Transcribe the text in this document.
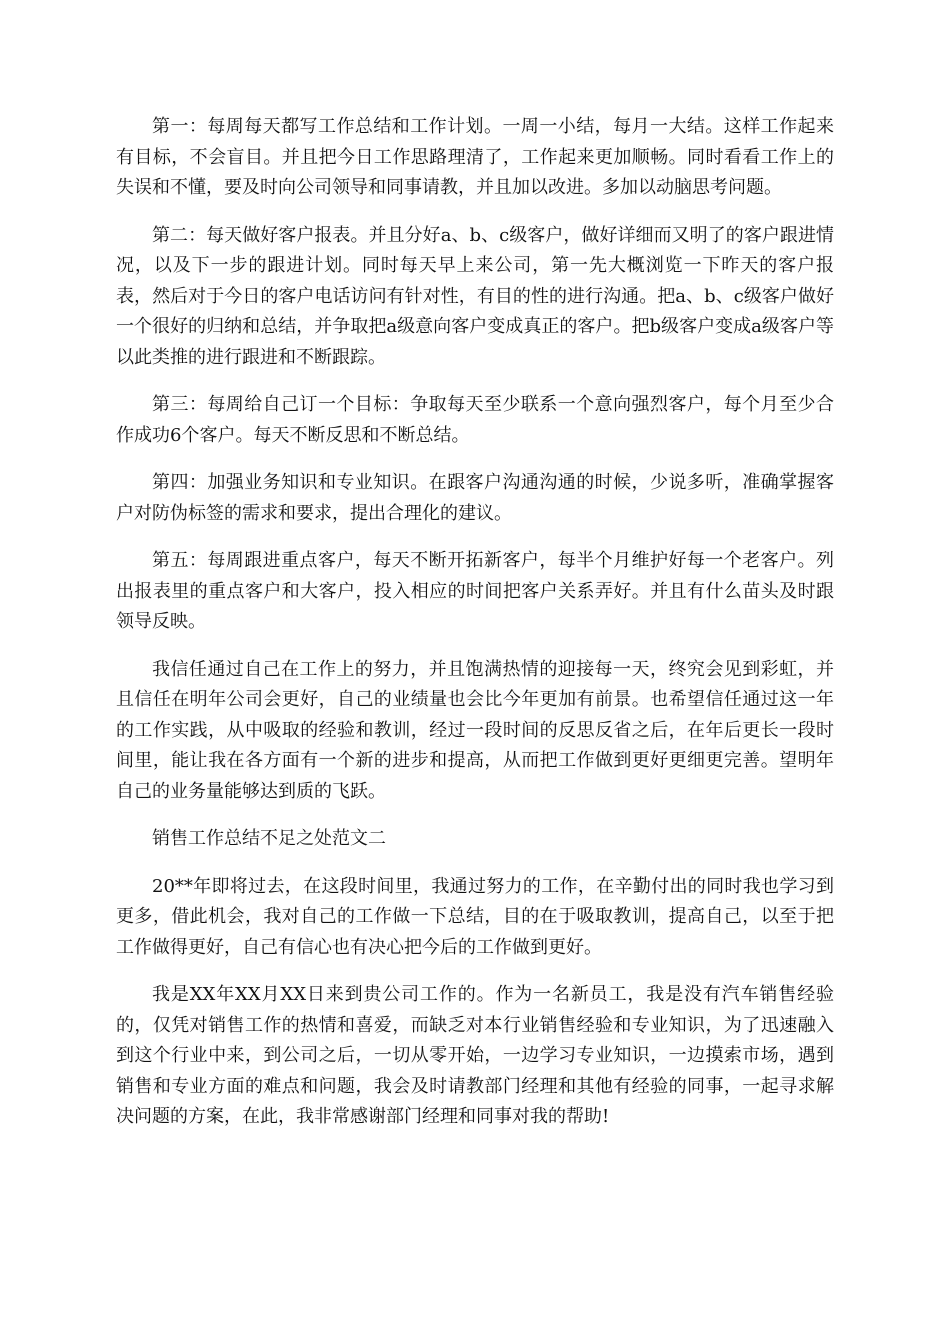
第一：每周每天都写工作总结和工作计划。一周一小结，每月一大结。这样工作起来有目标，不会盲目。并且把今日工作思路理清了，工作起来更加顺畅。同时看看工作上的失误和不懂，要及时向公司领导和同事请教，并且加以改进。多加以动脑思考问题。

第二：每天做好客户报表。并且分好a、b、c级客户，做好详细而又明了的客户跟进情况，以及下一步的跟进计划。同时每天早上来公司，第一先大概浏览一下昨天的客户报表，然后对于今日的客户电话访问有针对性，有目的性的进行沟通。把a、b、c级客户做好一个很好的归纳和总结，并争取把a级意向客户变成真正的客户。把b级客户变成a级客户等以此类推的进行跟进和不断跟踪。

第三：每周给自己订一个目标：争取每天至少联系一个意向强烈客户，每个月至少合作成功6个客户。每天不断反思和不断总结。

第四：加强业务知识和专业知识。在跟客户沟通沟通的时候，少说多听，准确掌握客户对防伪标签的需求和要求，提出合理化的建议。

第五：每周跟进重点客户，每天不断开拓新客户，每半个月维护好每一个老客户。列出报表里的重点客户和大客户，投入相应的时间把客户关系弄好。并且有什么苗头及时跟领导反映。

我信任通过自己在工作上的努力，并且饱满热情的迎接每一天，终究会见到彩虹，并且信任在明年公司会更好，自己的业绩量也会比今年更加有前景。也希望信任通过这一年的工作实践，从中吸取的经验和教训，经过一段时间的反思反省之后，在年后更长一段时间里，能让我在各方面有一个新的进步和提高，从而把工作做到更好更细更完善。望明年自己的业务量能够达到质的飞跃。

销售工作总结不足之处范文二

20**年即将过去，在这段时间里，我通过努力的工作，在辛勤付出的同时我也学习到更多，借此机会，我对自己的工作做一下总结，目的在于吸取教训，提高自己，以至于把工作做得更好，自己有信心也有决心把今后的工作做到更好。

我是XX年XX月XX日来到贵公司工作的。作为一名新员工，我是没有汽车销售经验的，仅凭对销售工作的热情和喜爱，而缺乏对本行业销售经验和专业知识，为了迅速融入到这个行业中来，到公司之后，一切从零开始，一边学习专业知识，一边摸索市场，遇到销售和专业方面的难点和问题，我会及时请教部门经理和其他有经验的同事，一起寻求解决问题的方案，在此，我非常感谢部门经理和同事对我的帮助!
